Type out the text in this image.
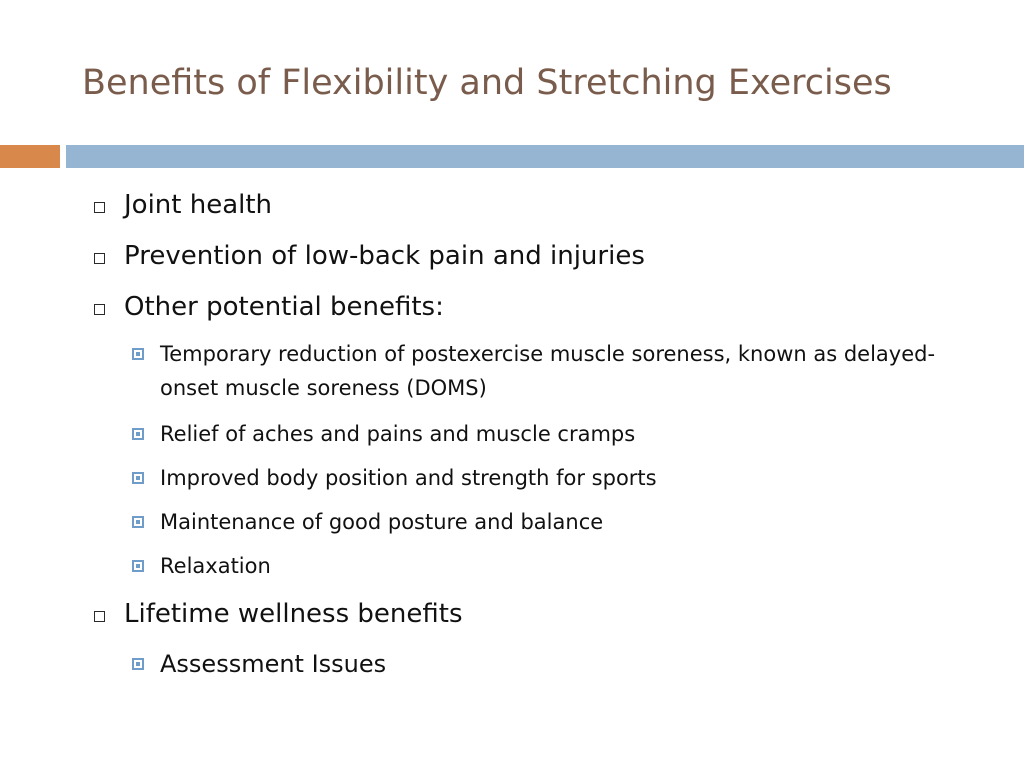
Benefits of Flexibility and Stretching Exercises
Joint health
Prevention of low-back pain and injuries
Other potential benefits:
Temporary reduction of postexercise muscle soreness, known as delayed-onset muscle soreness (DOMS)
Relief of aches and pains and muscle cramps
Improved body position and strength for sports
Maintenance of good posture and balance
Relaxation
Lifetime wellness benefits
Assessment Issues
